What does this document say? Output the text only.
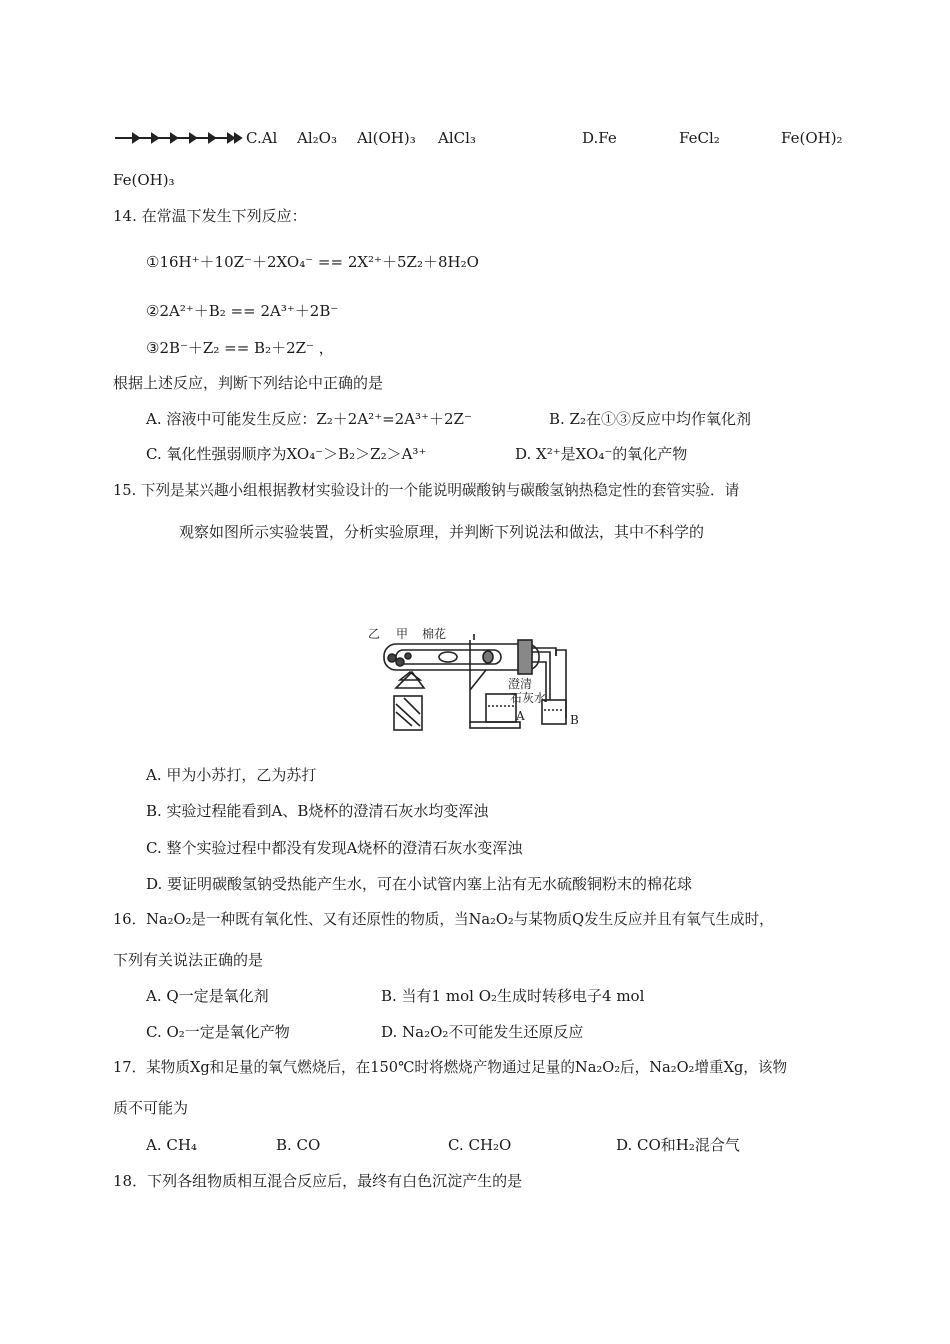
C.Al Al₂O₃ Al(OH)₃ AlCl₃	D.Fe	FeCl₂	Fe(OH)₂
Fe(OH)₃
14. 在常温下发生下列反应：
①16H⁺＋10Z⁻＋2XO₄⁻ == 2X²⁺＋5Z₂＋8H₂O
②2A²⁺＋B₂ == 2A³⁺＋2B⁻
③2B⁻＋Z₂ == B₂＋2Z⁻ ，
根据上述反应，判断下列结论中正确的是
A. 溶液中可能发生反应：Z₂＋2A²⁺=2A³⁺＋2Z⁻	B. Z₂在①③反应中均作氧化剂
C. 氧化性强弱顺序为XO₄⁻＞B₂＞Z₂＞A³⁺	D. X²⁺是XO₄⁻的氧化产物
15. 下列是某兴趣小组根据教材实验设计的一个能说明碳酸钠与碳酸氢钠热稳定性的套管实验．请
观察如图所示实验装置，分析实验原理，并判断下列说法和做法，其中不科学的
乙 甲 棉花
澄清
石灰水
A	B
A. 甲为小苏打，乙为苏打
B. 实验过程能看到A、B烧杯的澄清石灰水均变浑浊
C. 整个实验过程中都没有发现A烧杯的澄清石灰水变浑浊
D. 要证明碳酸氢钠受热能产生水，可在小试管内塞上沾有无水硫酸铜粉末的棉花球
16．Na₂O₂是一种既有氧化性、又有还原性的物质，当Na₂O₂与某物质Q发生反应并且有氧气生成时，
下列有关说法正确的是
A. Q一定是氧化剂	B. 当有1 mol O₂生成时转移电子4 mol
C. O₂一定是氧化产物	D. Na₂O₂不可能发生还原反应
17．某物质Xg和足量的氧气燃烧后，在150℃时将燃烧产物通过足量的Na₂O₂后，Na₂O₂增重Xg，该物
质不可能为
A. CH₄	B. CO	C. CH₂O	D. CO和H₂混合气
18．下列各组物质相互混合反应后，最终有白色沉淀产生的是
